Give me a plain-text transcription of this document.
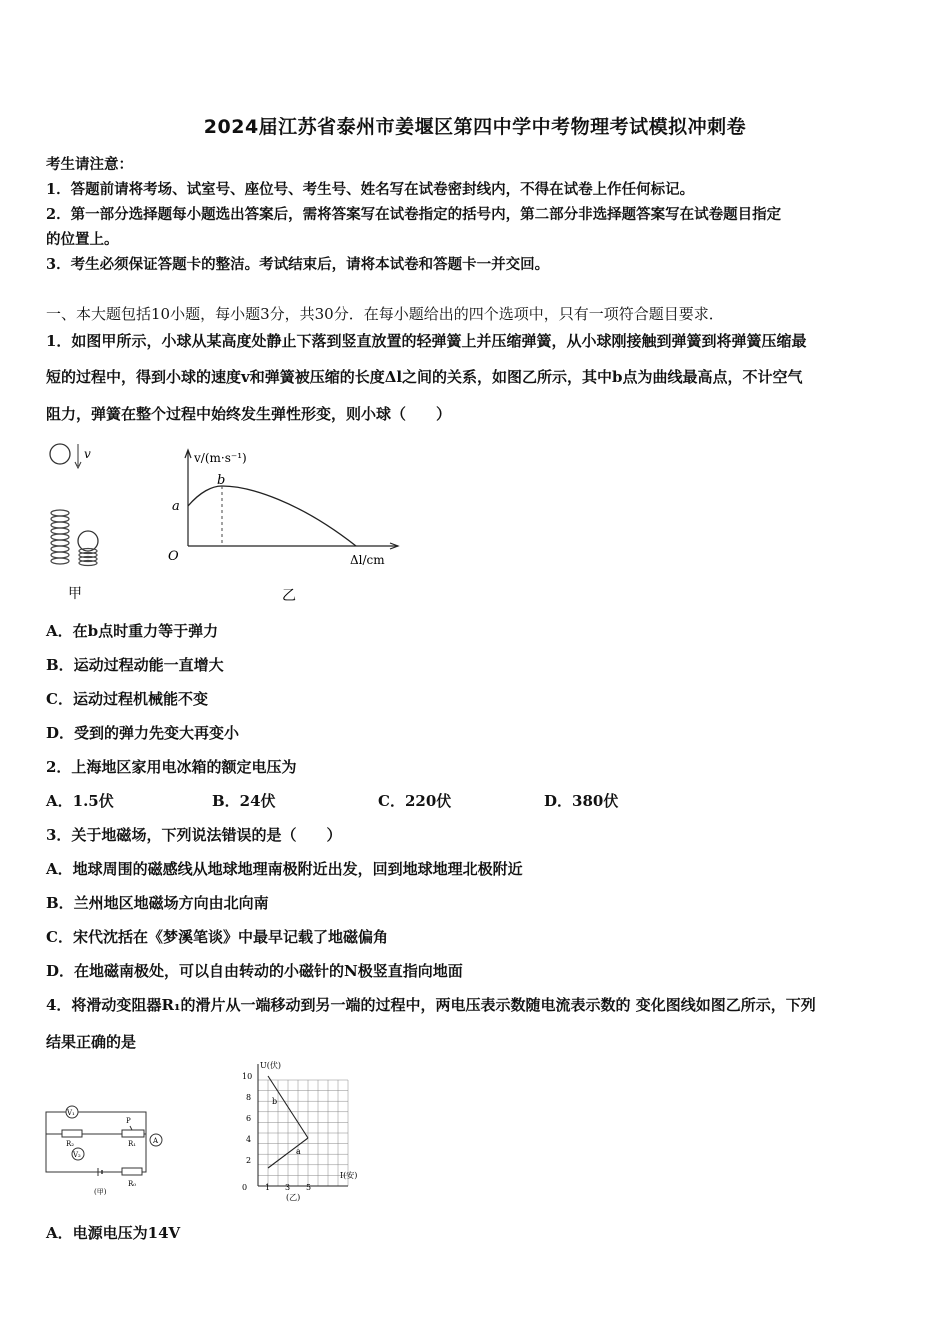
2024届江苏省泰州市姜堰区第四中学中考物理考试模拟冲刺卷
考生请注意：
1．答题前请将考场、试室号、座位号、考生号、姓名写在试卷密封线内，不得在试卷上作任何标记。
2．第一部分选择题每小题选出答案后，需将答案写在试卷指定的括号内，第二部分非选择题答案写在试卷题目指定
的位置上。
3．考生必须保证答题卡的整洁。考试结束后，请将本试卷和答题卡一并交回。
一、本大题包括10小题，每小题3分，共30分．在每小题给出的四个选项中，只有一项符合题目要求．
1．如图甲所示，小球从某高度处静止下落到竖直放置的轻弹簧上并压缩弹簧，从小球刚接触到弹簧到将弹簧压缩最
短的过程中，得到小球的速度v和弹簧被压缩的长度Δl之间的关系，如图乙所示，其中b点为曲线最高点，不计空气
阻力，弹簧在整个过程中始终发生弹性形变，则小球（　　）
v
甲
v/(m·s⁻¹)
Δl/cm
O
a
b
乙
A．在b点时重力等于弹力
B．运动过程动能一直增大
C．运动过程机械能不变
D．受到的弹力先变大再变小
2．上海地区家用电冰箱的额定电压为
A．1.5伏	B．24伏	C．220伏	D．380伏
3．关于地磁场，下列说法错误的是（　　）
A．地球周围的磁感线从地球地理南极附近出发，回到地球地理北极附近
B．兰州地区地磁场方向由北向南
C．宋代沈括在《梦溪笔谈》中最早记载了地磁偏角
D．在地磁南极处，可以自由转动的小磁针的N极竖直指向地面
4．将滑动变阻器R₁的滑片从一端移动到另一端的过程中，两电压表示数随电流表示数的 变化图线如图乙所示，下列
结果正确的是
V₁
R₂
P
R₁ A
V₂
R₀
(甲)
U(伏)
I(安)
10
8
6
4
2
0 1 3 5
b
a
(乙)
A．电源电压为14V
